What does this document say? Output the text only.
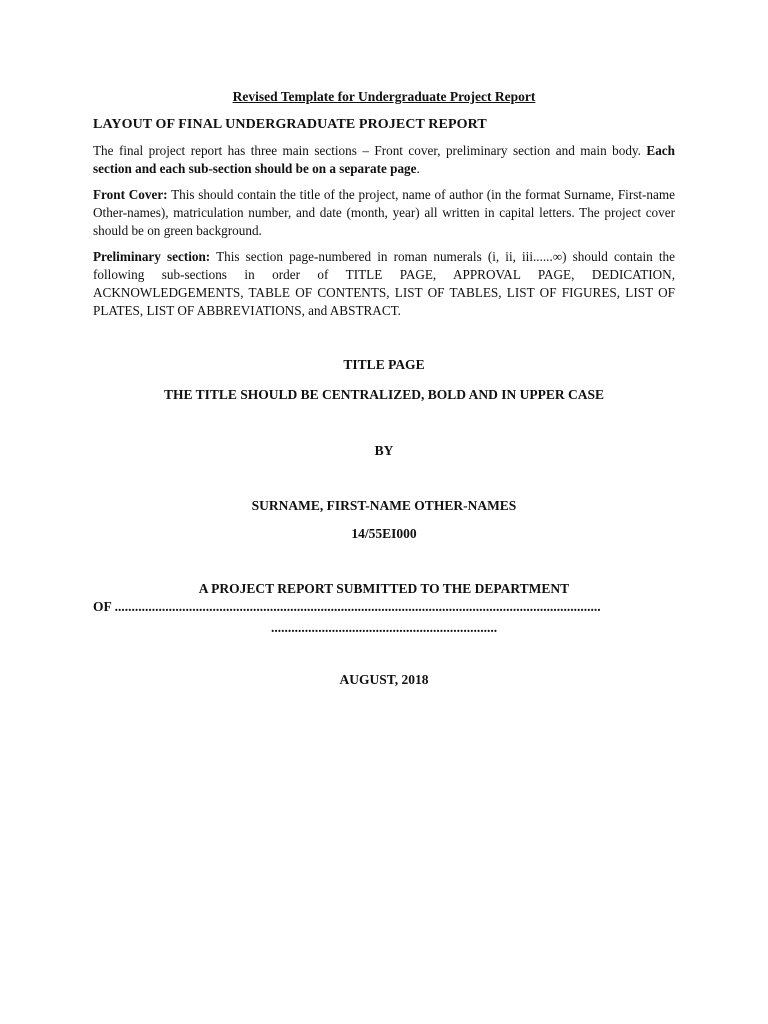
Revised Template for Undergraduate Project Report
LAYOUT OF FINAL UNDERGRADUATE PROJECT REPORT

The final project report has three main sections – Front cover, preliminary section and main body. Each section and each sub-section should be on a separate page.

Front Cover: This should contain the title of the project, name of author (in the format Surname, First-name Other-names), matriculation number, and date (month, year) all written in capital letters. The project cover should be on green background.

Preliminary section: This section page-numbered in roman numerals (i, ii, iii......∞) should contain the following sub-sections in order of TITLE PAGE, APPROVAL PAGE, DEDICATION, ACKNOWLEDGEMENTS, TABLE OF CONTENTS, LIST OF TABLES, LIST OF FIGURES, LIST OF PLATES, LIST OF ABBREVIATIONS, and ABSTRACT.

TITLE PAGE
THE TITLE SHOULD BE CENTRALIZED, BOLD AND IN UPPER CASE
BY
SURNAME, FIRST-NAME OTHER-NAMES
14/55EI000
A PROJECT REPORT SUBMITTED TO THE DEPARTMENT
OF ................................................................................................................................................
...................................................................
AUGUST, 2018
